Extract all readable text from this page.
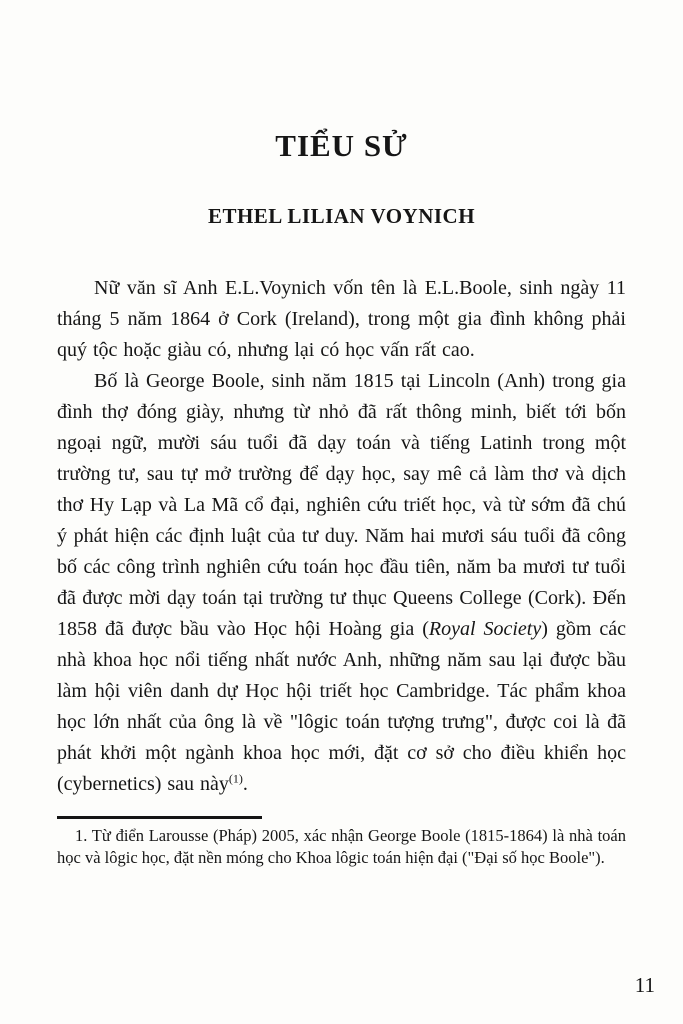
TIỂU SỬ
ETHEL LILIAN VOYNICH

Nữ văn sĩ Anh E.L.Voynich vốn tên là E.L.Boole, sinh ngày 11 tháng 5 năm 1864 ở Cork (Ireland), trong một gia đình không phải quý tộc hoặc giàu có, nhưng lại có học vấn rất cao.

Bố là George Boole, sinh năm 1815 tại Lincoln (Anh) trong gia đình thợ đóng giày, nhưng từ nhỏ đã rất thông minh, biết tới bốn ngoại ngữ, mười sáu tuổi đã dạy toán và tiếng Latinh trong một trường tư, sau tự mở trường để dạy học, say mê cả làm thơ và dịch thơ Hy Lạp và La Mã cổ đại, nghiên cứu triết học, và từ sớm đã chú ý phát hiện các định luật của tư duy. Năm hai mươi sáu tuổi đã công bố các công trình nghiên cứu toán học đầu tiên, năm ba mươi tư tuổi đã được mời dạy toán tại trường tư thục Queens College (Cork). Đến 1858 đã được bầu vào Học hội Hoàng gia (Royal Society) gồm các nhà khoa học nổi tiếng nhất nước Anh, những năm sau lại được bầu làm hội viên danh dự Học hội triết học Cambridge. Tác phẩm khoa học lớn nhất của ông là về "lôgic toán tượng trưng", được coi là đã phát khởi một ngành khoa học mới, đặt cơ sở cho điều khiển học (cybernetics) sau này$^{(1)}$.

1. Từ điển Larousse (Pháp) 2005, xác nhận George Boole (1815-1864) là nhà toán học và lôgic học, đặt nền móng cho Khoa lôgic toán hiện đại ("Đại số học Boole").

11
